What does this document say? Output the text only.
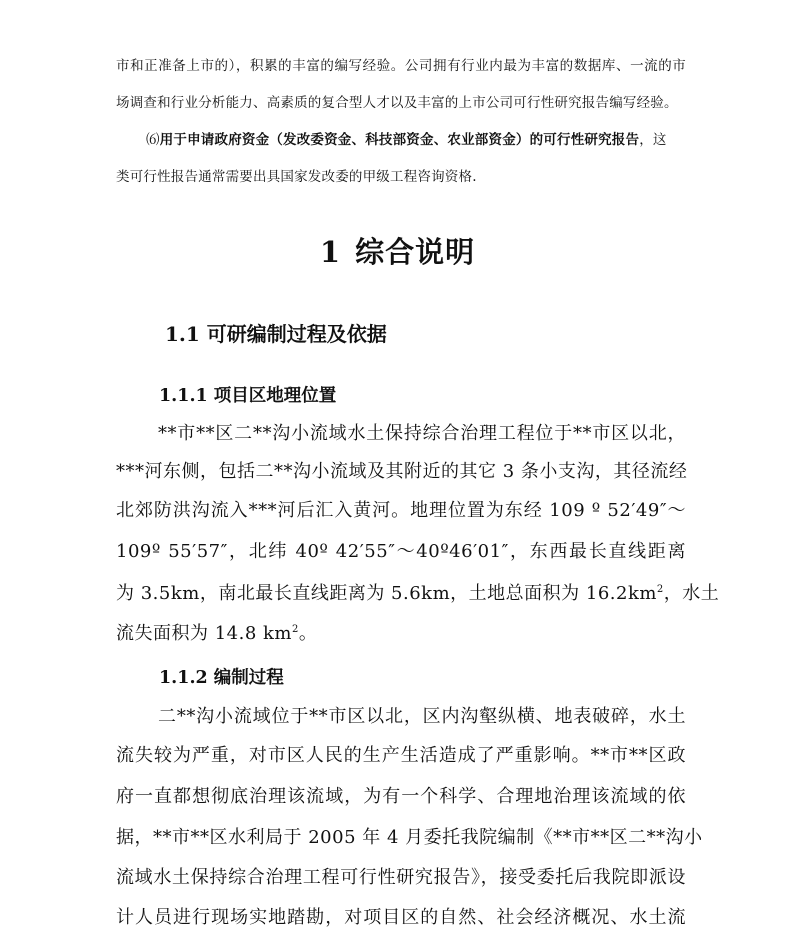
市和正准备上市的），积累的丰富的编写经验。公司拥有行业内最为丰富的数据库、一流的市
场调查和行业分析能力、高素质的复合型人才以及丰富的上市公司可行性研究报告编写经验。
⑹用于申请政府资金（发改委资金、科技部资金、农业部资金）的可行性研究报告，这
类可行性报告通常需要出具国家发改委的甲级工程咨询资格.
1 综合说明
1.1 可研编制过程及依据
1.1.1 项目区地理位置
**市**区二**沟小流域水土保持综合治理工程位于**市区以北，
***河东侧，包括二**沟小流域及其附近的其它 3 条小支沟，其径流经
北郊防洪沟流入***河后汇入黄河。地理位置为东经 109 º 52′49″～
109º 55′57″，北纬 40º 42′55″～40º46′01″，东西最长直线距离
为 3.5km，南北最长直线距离为 5.6km，土地总面积为 $16.2km^2$，水土
流失面积为 14.8 $km^2$。
1.1.2 编制过程
二**沟小流域位于**市区以北，区内沟壑纵横、地表破碎，水土
流失较为严重，对市区人民的生产生活造成了严重影响。**市**区政
府一直都想彻底治理该流域，为有一个科学、合理地治理该流域的依
据，**市**区水利局于 2005 年 4 月委托我院编制《**市**区二**沟小
流域水土保持综合治理工程可行性研究报告》，接受委托后我院即派设
计人员进行现场实地踏勘，对项目区的自然、社会经济概况、水土流
